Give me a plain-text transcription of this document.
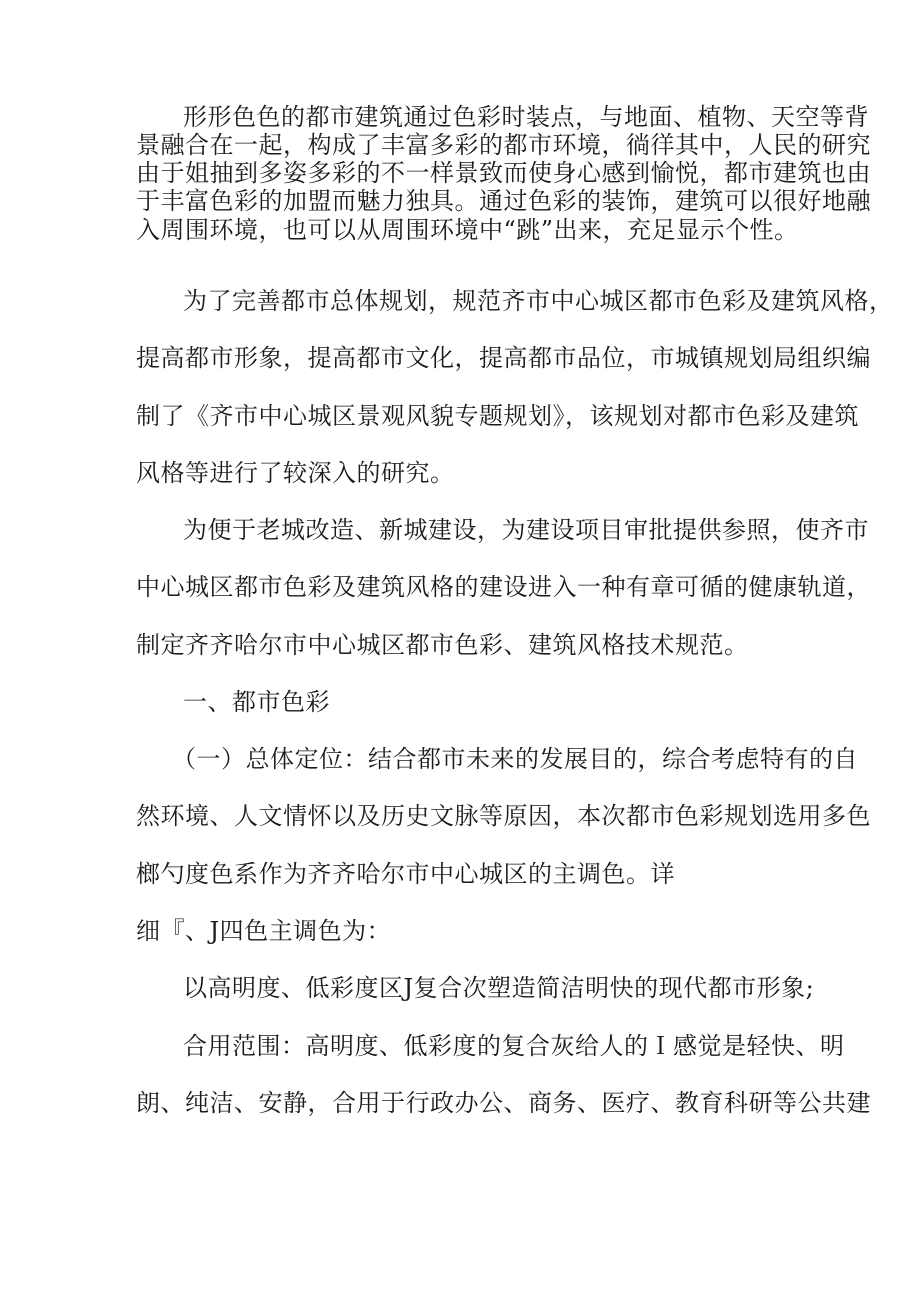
形形色色的都市建筑通过色彩时装点，与地面、植物、天空等背
景融合在一起，构成了丰富多彩的都市环境，徜徉其中，人民的研究
由于姐抽到多姿多彩的不一样景致而使身心感到愉悦，都市建筑也由
于丰富色彩的加盟而魅力独具。通过色彩的装饰，建筑可以很好地融
入周围环境，也可以从周围环境中“跳”出来，充足显示个性。
为了完善都市总体规划，规范齐市中心城区都市色彩及建筑风格，
提高都市形象，提高都市文化，提高都市品位，市城镇规划局组织编
制了《齐市中心城区景观风貌专题规划》，该规划对都市色彩及建筑
风格等进行了较深入的研究。
为便于老城改造、新城建设，为建设项目审批提供参照，使齐市
中心城区都市色彩及建筑风格的建设进入一种有章可循的健康轨道，
制定齐齐哈尔市中心城区都市色彩、建筑风格技术规范。
一、都市色彩
（一）总体定位：结合都市未来的发展目的，综合考虑特有的自
然环境、人文情怀以及历史文脉等原因，本次都市色彩规划选用多色
榔勺度色系作为齐齐哈尔市中心城区的主调色。详
细『、J四色主调色为：
以高明度、低彩度区J复合次塑造简洁明快的现代都市形象;
合用范围：高明度、低彩度的复合灰给人的Ｉ感觉是轻快、明
朗、纯洁、安静，合用于行政办公、商务、医疗、教育科研等公共建
